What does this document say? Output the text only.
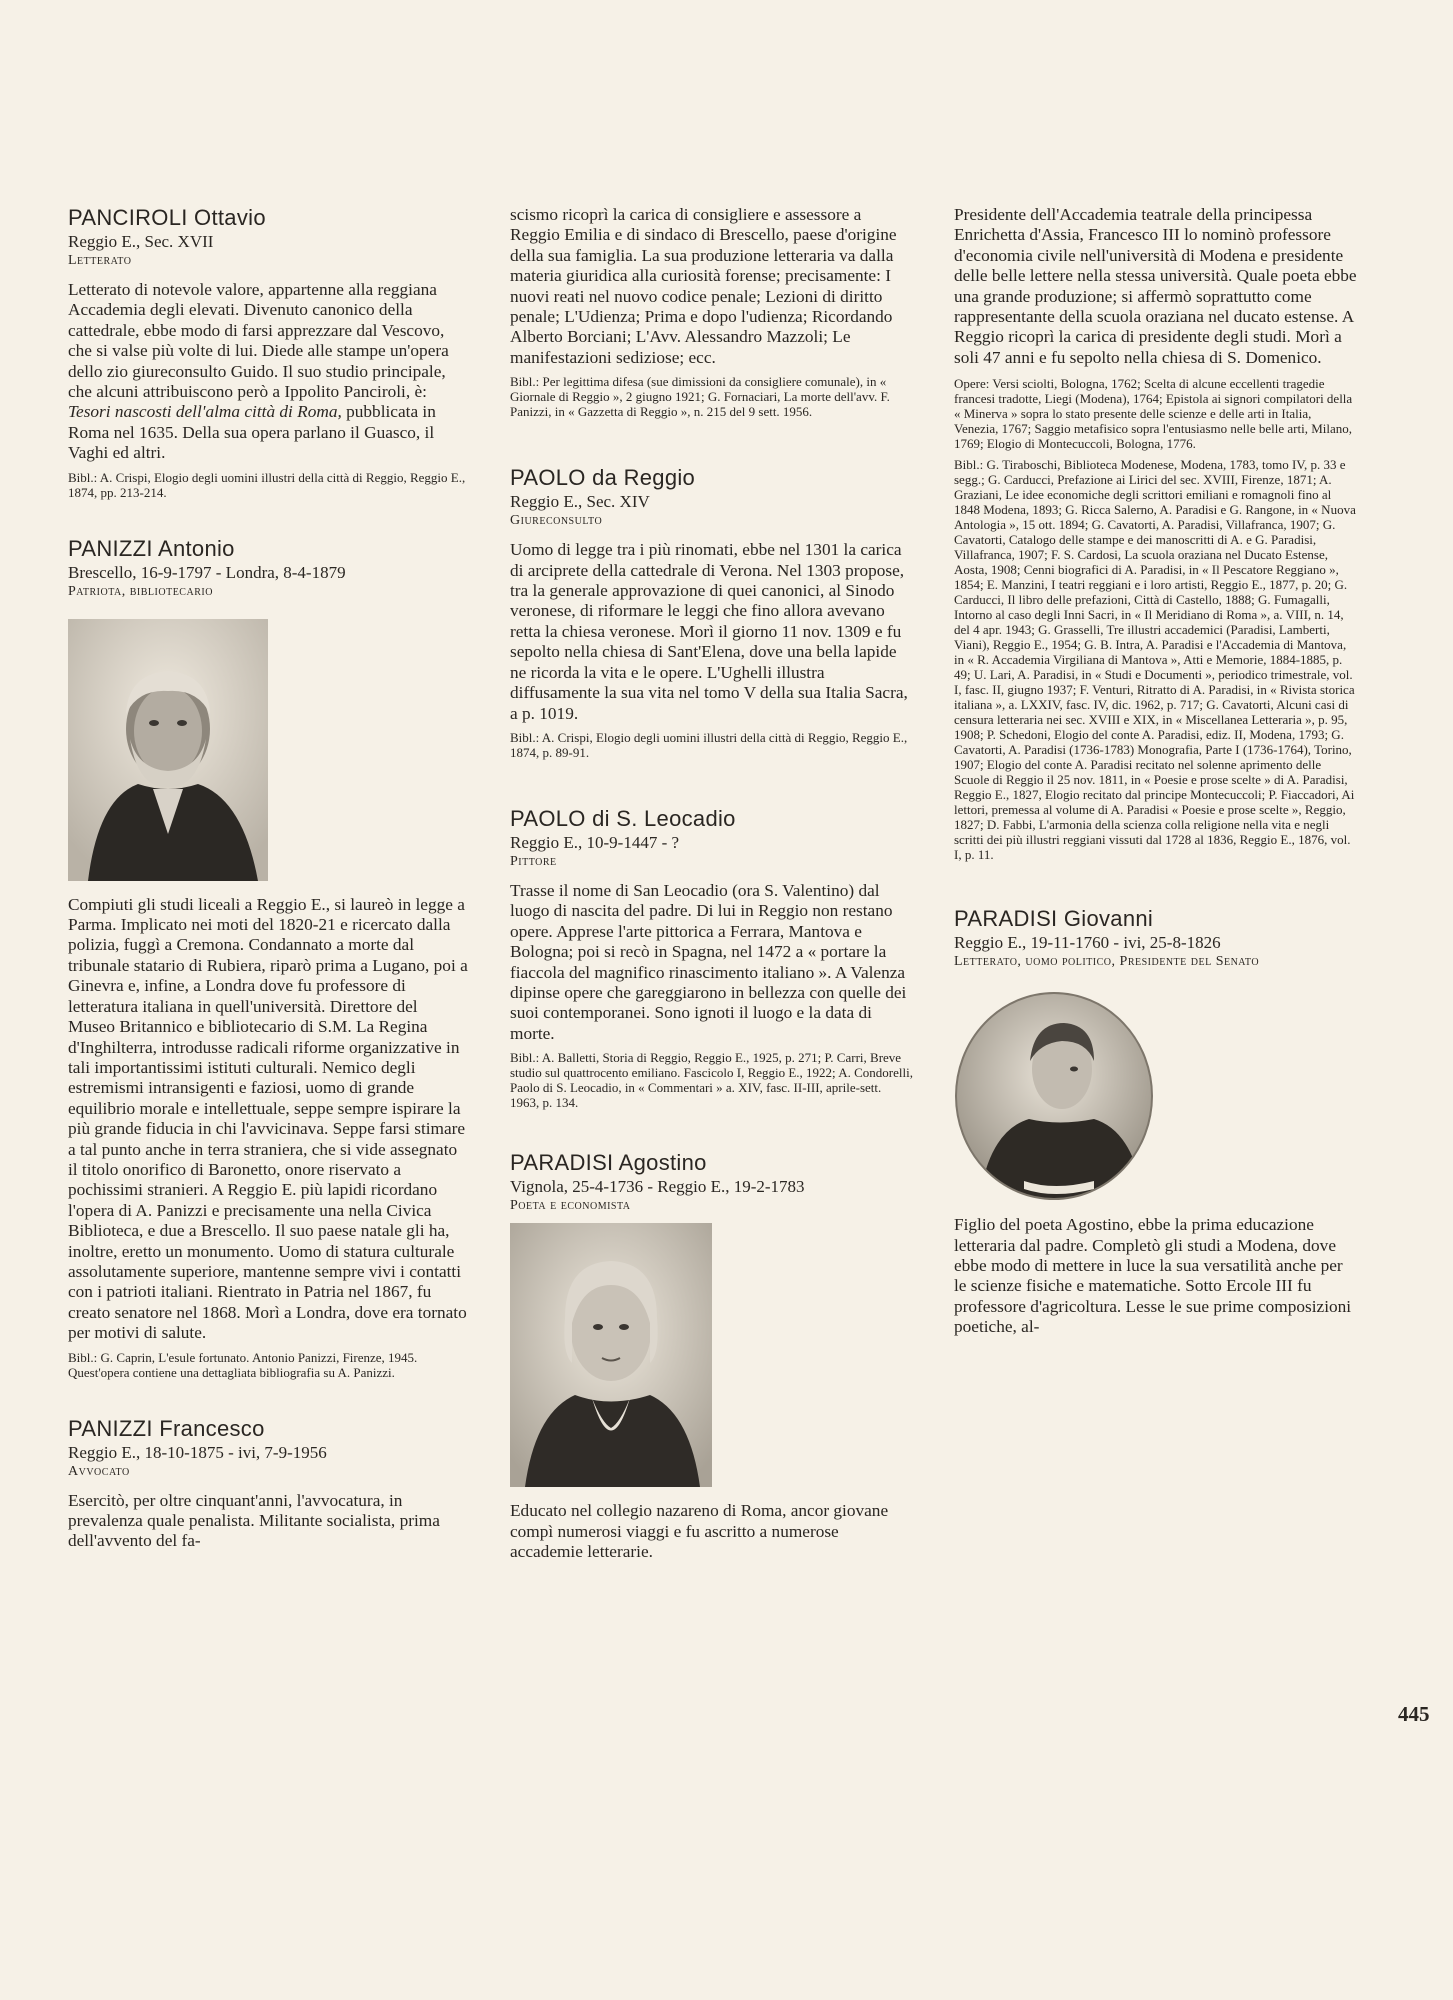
PANCIROLI Ottavio
Reggio E., Sec. XVII
Letterato
Letterato di notevole valore, appartenne alla reggiana Accademia degli elevati. Divenuto canonico della cattedrale, ebbe modo di farsi apprezzare dal Vescovo, che si valse più volte di lui. Diede alle stampe un'opera dello zio giureconsulto Guido. Il suo studio principale, che alcuni attribuiscono però a Ippolito Panciroli, è: Tesori nascosti dell'alma città di Roma, pubblicata in Roma nel 1635. Della sua opera parlano il Guasco, il Vaghi ed altri.
Bibl.: A. Crispi, Elogio degli uomini illustri della città di Reggio, Reggio E., 1874, pp. 213-214.
PANIZZI Antonio
Brescello, 16-9-1797 - Londra, 8-4-1879
Patriota, bibliotecario
Compiuti gli studi liceali a Reggio E., si laureò in legge a Parma. Implicato nei moti del 1820-21 e ricercato dalla polizia, fuggì a Cremona. Condannato a morte dal tribunale statario di Rubiera, riparò prima a Lugano, poi a Ginevra e, infine, a Londra dove fu professore di letteratura italiana in quell'università. Direttore del Museo Britannico e bibliotecario di S.M. La Regina d'Inghilterra, introdusse radicali riforme organizzative in tali importantissimi istituti culturali. Nemico degli estremismi intransigenti e faziosi, uomo di grande equilibrio morale e intellettuale, seppe sempre ispirare la più grande fiducia in chi l'avvicinava. Seppe farsi stimare a tal punto anche in terra straniera, che si vide assegnato il titolo onorifico di Baronetto, onore riservato a pochissimi stranieri. A Reggio E. più lapidi ricordano l'opera di A. Panizzi e precisamente una nella Civica Biblioteca, e due a Brescello. Il suo paese natale gli ha, inoltre, eretto un monumento. Uomo di statura culturale assolutamente superiore, mantenne sempre vivi i contatti con i patrioti italiani. Rientrato in Patria nel 1867, fu creato senatore nel 1868. Morì a Londra, dove era tornato per motivi di salute.
Bibl.: G. Caprin, L'esule fortunato. Antonio Panizzi, Firenze, 1945. Quest'opera contiene una dettagliata bibliografia su A. Panizzi.
PANIZZI Francesco
Reggio E., 18-10-1875 - ivi, 7-9-1956
Avvocato
Esercitò, per oltre cinquant'anni, l'avvocatura, in prevalenza quale penalista. Militante socialista, prima dell'avvento del fa-
scismo ricoprì la carica di consigliere e assessore a Reggio Emilia e di sindaco di Brescello, paese d'origine della sua famiglia. La sua produzione letteraria va dalla materia giuridica alla curiosità forense; precisamente: I nuovi reati nel nuovo codice penale; Lezioni di diritto penale; L'Udienza; Prima e dopo l'udienza; Ricordando Alberto Borciani; L'Avv. Alessandro Mazzoli; Le manifestazioni sediziose; ecc.
Bibl.: Per legittima difesa (sue dimissioni da consigliere comunale), in « Giornale di Reggio », 2 giugno 1921; G. Fornaciari, La morte dell'avv. F. Panizzi, in « Gazzetta di Reggio », n. 215 del 9 sett. 1956.
PAOLO da Reggio
Reggio E., Sec. XIV
Giureconsulto
Uomo di legge tra i più rinomati, ebbe nel 1301 la carica di arciprete della cattedrale di Verona. Nel 1303 propose, tra la generale approvazione di quei canonici, al Sinodo veronese, di riformare le leggi che fino allora avevano retta la chiesa veronese. Morì il giorno 11 nov. 1309 e fu sepolto nella chiesa di Sant'Elena, dove una bella lapide ne ricorda la vita e le opere. L'Ughelli illustra diffusamente la sua vita nel tomo V della sua Italia Sacra, a p. 1019.
Bibl.: A. Crispi, Elogio degli uomini illustri della città di Reggio, Reggio E., 1874, p. 89-91.
PAOLO di S. Leocadio
Reggio E., 10-9-1447 - ?
Pittore
Trasse il nome di San Leocadio (ora S. Valentino) dal luogo di nascita del padre. Di lui in Reggio non restano opere. Apprese l'arte pittorica a Ferrara, Mantova e Bologna; poi si recò in Spagna, nel 1472 a « portare la fiaccola del magnifico rinascimento italiano ». A Valenza dipinse opere che gareggiarono in bellezza con quelle dei suoi contemporanei. Sono ignoti il luogo e la data di morte.
Bibl.: A. Balletti, Storia di Reggio, Reggio E., 1925, p. 271; P. Carri, Breve studio sul quattrocento emiliano. Fascicolo I, Reggio E., 1922; A. Condorelli, Paolo di S. Leocadio, in « Commentari » a. XIV, fasc. II-III, aprile-sett. 1963, p. 134.
PARADISI Agostino
Vignola, 25-4-1736 - Reggio E., 19-2-1783
Poeta e economista
Educato nel collegio nazareno di Roma, ancor giovane compì numerosi viaggi e fu ascritto a numerose accademie letterarie.
Presidente dell'Accademia teatrale della principessa Enrichetta d'Assia, Francesco III lo nominò professore d'economia civile nell'università di Modena e presidente delle belle lettere nella stessa università. Quale poeta ebbe una grande produzione; si affermò soprattutto come rappresentante della scuola oraziana nel ducato estense. A Reggio ricoprì la carica di presidente degli studi. Morì a soli 47 anni e fu sepolto nella chiesa di S. Domenico.
Opere: Versi sciolti, Bologna, 1762; Scelta di alcune eccellenti tragedie francesi tradotte, Liegi (Modena), 1764; Epistola ai signori compilatori della « Minerva » sopra lo stato presente delle scienze e delle arti in Italia, Venezia, 1767; Saggio metafisico sopra l'entusiasmo nelle belle arti, Milano, 1769; Elogio di Montecuccoli, Bologna, 1776.
Bibl.: G. Tiraboschi, Biblioteca Modenese, Modena, 1783, tomo IV, p. 33 e segg.; G. Carducci, Prefazione ai Lirici del sec. XVIII, Firenze, 1871; A. Graziani, Le idee economiche degli scrittori emiliani e romagnoli fino al 1848 Modena, 1893; G. Ricca Salerno, A. Paradisi e G. Rangone, in « Nuova Antologia », 15 ott. 1894; G. Cavatorti, A. Paradisi, Villafranca, 1907; G. Cavatorti, Catalogo delle stampe e dei manoscritti di A. e G. Paradisi, Villafranca, 1907; F. S. Cardosi, La scuola oraziana nel Ducato Estense, Aosta, 1908; Cenni biografici di A. Paradisi, in « Il Pescatore Reggiano », 1854; E. Manzini, I teatri reggiani e i loro artisti, Reggio E., 1877, p. 20; G. Carducci, Il libro delle prefazioni, Città di Castello, 1888; G. Fumagalli, Intorno al caso degli Inni Sacri, in « Il Meridiano di Roma », a. VIII, n. 14, del 4 apr. 1943; G. Grasselli, Tre illustri accademici (Paradisi, Lamberti, Viani), Reggio E., 1954; G. B. Intra, A. Paradisi e l'Accademia di Mantova, in « R. Accademia Virgiliana di Mantova », Atti e Memorie, 1884-1885, p. 49; U. Lari, A. Paradisi, in « Studi e Documenti », periodico trimestrale, vol. I, fasc. II, giugno 1937; F. Venturi, Ritratto di A. Paradisi, in « Rivista storica italiana », a. LXXIV, fasc. IV, dic. 1962, p. 717; G. Cavatorti, Alcuni casi di censura letteraria nei sec. XVIII e XIX, in « Miscellanea Letteraria », p. 95, 1908; P. Schedoni, Elogio del conte A. Paradisi, ediz. II, Modena, 1793; G. Cavatorti, A. Paradisi (1736-1783) Monografia, Parte I (1736-1764), Torino, 1907; Elogio del conte A. Paradisi recitato nel solenne aprimento delle Scuole di Reggio il 25 nov. 1811, in « Poesie e prose scelte » di A. Paradisi, Reggio E., 1827, Elogio recitato dal principe Montecuccoli; P. Fiaccadori, Ai lettori, premessa al volume di A. Paradisi « Poesie e prose scelte », Reggio, 1827; D. Fabbi, L'armonia della scienza colla religione nella vita e negli scritti dei più illustri reggiani vissuti dal 1728 al 1836, Reggio E., 1876, vol. I, p. 11.
PARADISI Giovanni
Reggio E., 19-11-1760 - ivi, 25-8-1826
Letterato, uomo politico, Presidente del Senato
Figlio del poeta Agostino, ebbe la prima educazione letteraria dal padre. Completò gli studi a Modena, dove ebbe modo di mettere in luce la sua versatilità anche per le scienze fisiche e matematiche. Sotto Ercole III fu professore d'agricoltura. Lesse le sue prime composizioni poetiche, al-
445
